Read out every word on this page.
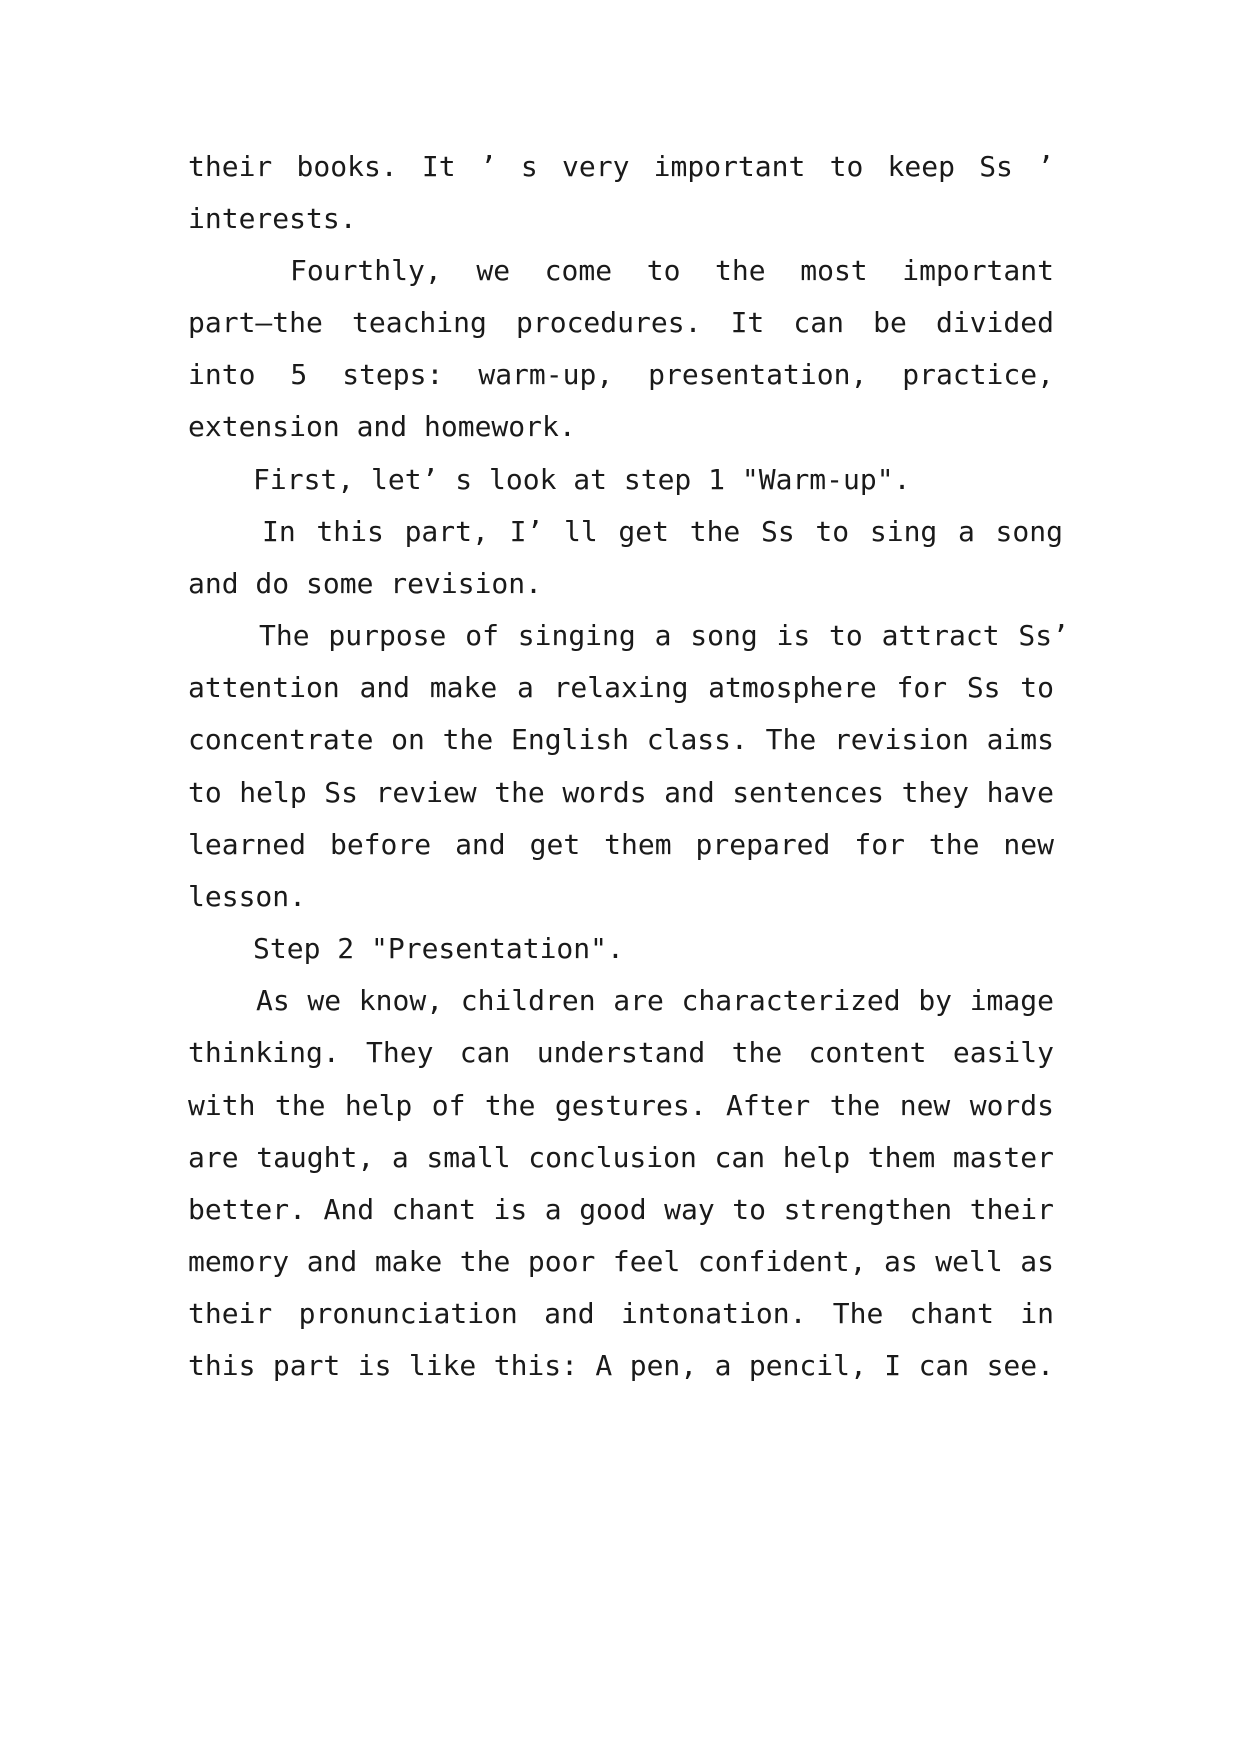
their books. It ’ s very important to keep Ss ’

interests.

Fourthly, we come to the most important

part—the teaching procedures. It can be divided

into 5 steps: warm-up, presentation, practice,

extension and homework.

First, let’ s look at step 1 "Warm-up".

In this part, I’ ll get the Ss to sing a song

and do some revision.

The purpose of singing a song is to attract Ss’

attention and make a relaxing atmosphere for Ss to

concentrate on the English class. The revision aims

to help Ss review the words and sentences they have

learned before and get them prepared for the new

lesson.

Step 2 "Presentation".

As we know, children are characterized by image

thinking. They can understand the content easily

with the help of the gestures. After the new words

are taught, a small conclusion can help them master

better. And chant is a good way to strengthen their

memory and make the poor feel confident, as well as

their pronunciation and intonation. The chant in

this part is like this: A pen, a pencil, I can see.
